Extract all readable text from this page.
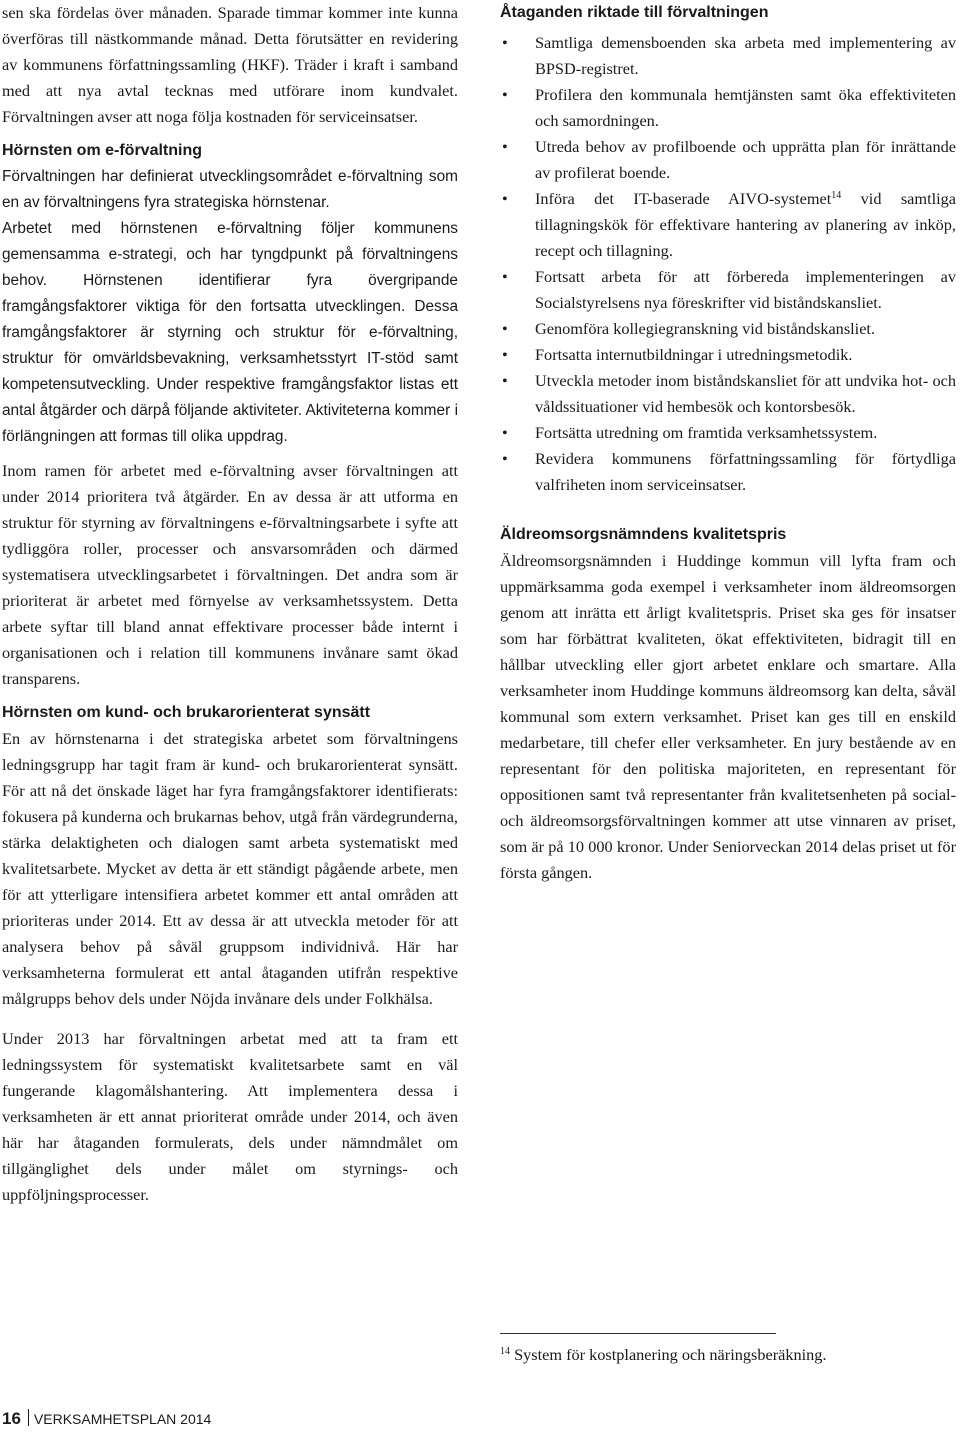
sen ska fördelas över månaden. Sparade timmar kommer inte kunna överföras till nästkommande månad. Detta förutsätter en revidering av kommunens författningssamling (HKF). Träder i kraft i samband med att nya avtal tecknas med utförare inom kundvalet. Förvaltningen avser att noga följa kostnaden för serviceinsatser.

Hörnsten om e-förvaltning

Förvaltningen har definierat utvecklingsområdet e-förvaltning som en av förvaltningens fyra strategiska hörnstenar.

Arbetet med hörnstenen e-förvaltning följer kommunens gemensamma e-strategi, och har tyngdpunkt på förvaltningens behov. Hörnstenen identifierar fyra övergripande framgångsfaktorer viktiga för den fortsatta utvecklingen. Dessa framgångsfaktorer är styrning och struktur för e-förvaltning, struktur för omvärldsbevakning, verksamhetsstyrt IT-stöd samt kompetensutveckling. Under respektive framgångsfaktor listas ett antal åtgärder och därpå följande aktiviteter. Aktiviteterna kommer i förlängningen att formas till olika uppdrag.

Inom ramen för arbetet med e-förvaltning avser förvaltningen att under 2014 prioritera två åtgärder. En av dessa är att utforma en struktur för styrning av förvaltningens e-förvaltningsarbete i syfte att tydliggöra roller, processer och ansvarsområden och därmed systematisera utvecklingsarbetet i förvaltningen. Det andra som är prioriterat är arbetet med förnyelse av verksamhetssystem. Detta arbete syftar till bland annat effektivare processer både internt i organisationen och i relation till kommunens invånare samt ökad transparens.

Hörnsten om kund- och brukarorienterat synsätt

En av hörnstenarna i det strategiska arbetet som förvaltningens ledningsgrupp har tagit fram är kund- och brukarorienterat synsätt. För att nå det önskade läget har fyra framgångsfaktorer identifierats: fokusera på kunderna och brukarnas behov, utgå från värdegrunderna, stärka delaktigheten och dialogen samt arbeta systematiskt med kvalitetsarbete. Mycket av detta är ett ständigt pågående arbete, men för att ytterligare intensifiera arbetet kommer ett antal områden att prioriteras under 2014. Ett av dessa är att utveckla metoder för att analysera behov på såväl gruppsom individnivå. Här har verksamheterna formulerat ett antal åtaganden utifrån respektive målgrupps behov dels under Nöjda invånare dels under Folkhälsa.

Under 2013 har förvaltningen arbetat med att ta fram ett ledningssystem för systematiskt kvalitetsarbete samt en väl fungerande klagomålshantering. Att implementera dessa i verksamheten är ett annat prioriterat område under 2014, och även här har åtaganden formulerats, dels under nämndmålet om tillgänglighet dels under målet om styrnings- och uppföljningsprocesser.

Åtaganden riktade till förvaltningen
• Samtliga demensboenden ska arbeta med implementering av BPSD-registret.
• Profilera den kommunala hemtjänsten samt öka effektiviteten och samordningen.
• Utreda behov av profilboende och upprätta plan för inrättande av profilerat boende.
• Införa det IT-baserade AIVO-systemet$^{14}$ vid samtliga tillagningskök för effektivare hantering av planering av inköp, recept och tillagning.
• Fortsatt arbeta för att förbereda implementeringen av Socialstyrelsens nya föreskrifter vid biståndskansliet.
• Genomföra kollegiegranskning vid biståndskansliet.
• Fortsatta internutbildningar i utredningsmetodik.
• Utveckla metoder inom biståndskansliet för att undvika hot- och våldssituationer vid hembesök och kontorsbesök.
• Fortsätta utredning om framtida verksamhetssystem.
• Revidera kommunens författningssamling för förtydliga valfriheten inom serviceinsatser.
Äldreomsorgsnämndens kvalitetspris

Äldreomsorgsnämnden i Huddinge kommun vill lyfta fram och uppmärksamma goda exempel i verksamheter inom äldreomsorgen genom att inrätta ett årligt kvalitetspris. Priset ska ges för insatser som har förbättrat kvaliteten, ökat effektiviteten, bidragit till en hållbar utveckling eller gjort arbetet enklare och smartare. Alla verksamheter inom Huddinge kommuns äldreomsorg kan delta, såväl kommunal som extern verksamhet. Priset kan ges till en enskild medarbetare, till chefer eller verksamheter. En jury bestående av en representant för den politiska majoriteten, en representant för oppositionen samt två representanter från kvalitetsenheten på social- och äldreomsorgsförvaltningen kommer att utse vinnaren av priset, som är på 10 000 kronor. Under Seniorveckan 2014 delas priset ut för första gången.

$^{14}$ System för kostplanering och näringsberäkning.
16 VERKSAMHETSPLAN 2014
